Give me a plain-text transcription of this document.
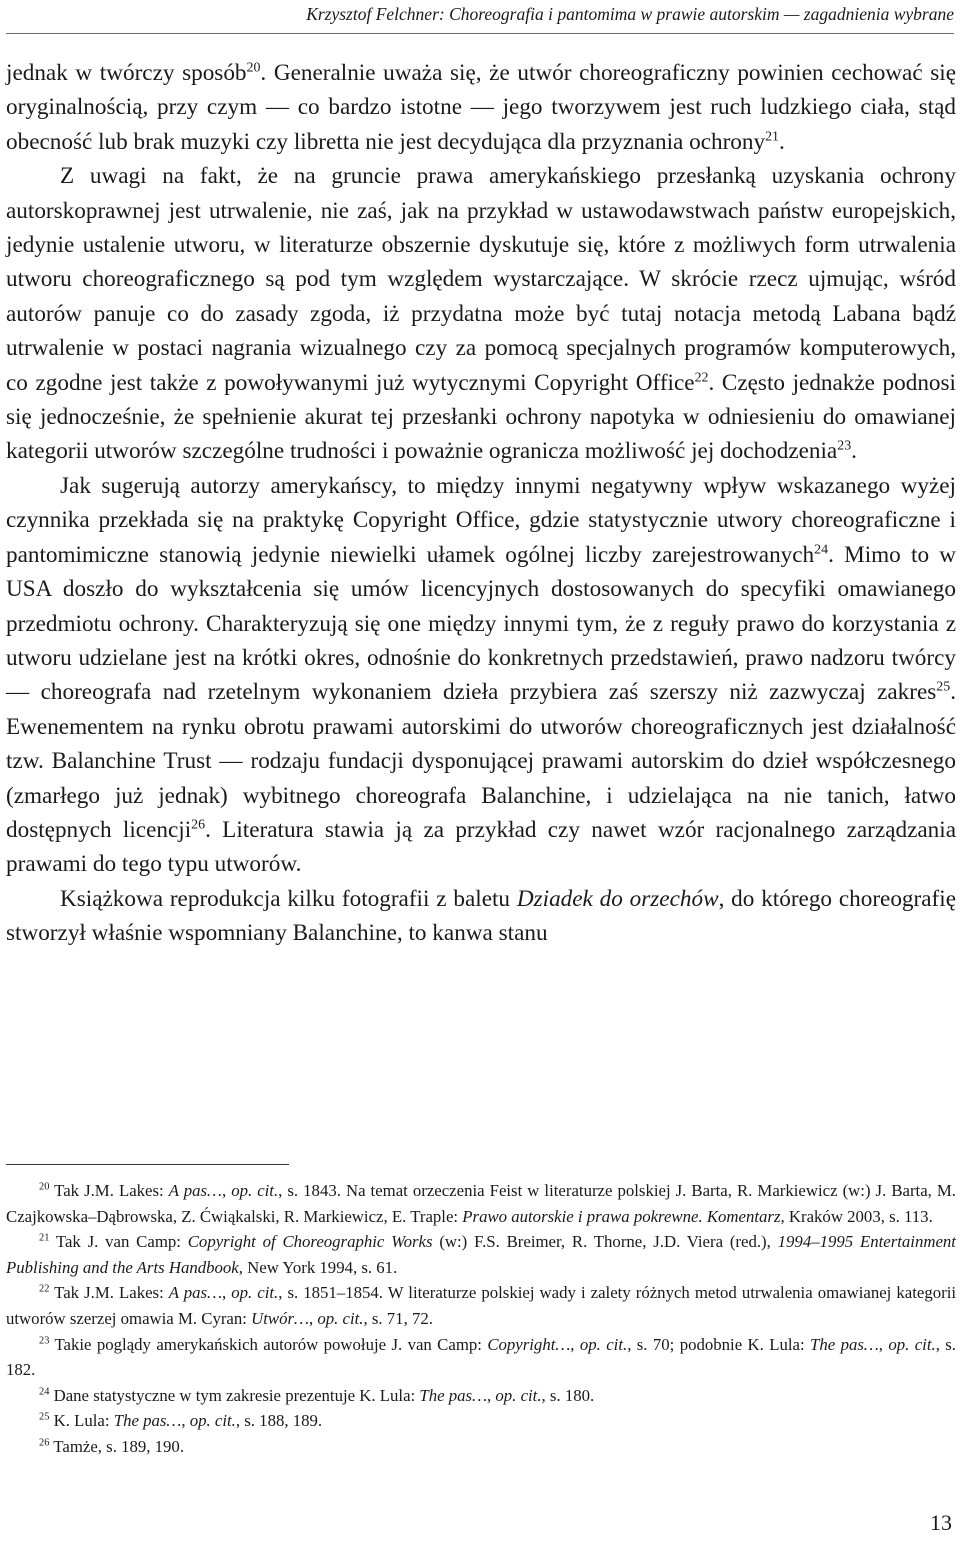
Krzysztof Felchner: Choreografia i pantomima w prawie autorskim — zagadnienia wybrane

jednak w twórczy sposób$^{20}$. Generalnie uważa się, że utwór choreograficzny powinien cechować się oryginalnością, przy czym — co bardzo istotne — jego tworzywem jest ruch ludzkiego ciała, stąd obecność lub brak muzyki czy libretta nie jest decydująca dla przyznania ochrony$^{21}$.

Z uwagi na fakt, że na gruncie prawa amerykańskiego przesłanką uzyskania ochrony autorskoprawnej jest utrwalenie, nie zaś, jak na przykład w ustawodawstwach państw europejskich, jedynie ustalenie utworu, w literaturze obszernie dyskutuje się, które z możliwych form utrwalenia utworu choreograficznego są pod tym względem wystarczające. W skrócie rzecz ujmując, wśród autorów panuje co do zasady zgoda, iż przydatna może być tutaj notacja metodą Labana bądź utrwalenie w postaci nagrania wizualnego czy za pomocą specjalnych programów komputerowych, co zgodne jest także z powoływanymi już wytycznymi Copyright Office$^{22}$. Często jednakże podnosi się jednocześnie, że spełnienie akurat tej przesłanki ochrony napotyka w odniesieniu do omawianej kategorii utworów szczególne trudności i poważnie ogranicza możliwość jej dochodzenia$^{23}$.

Jak sugerują autorzy amerykańscy, to między innymi negatywny wpływ wskazanego wyżej czynnika przekłada się na praktykę Copyright Office, gdzie statystycznie utwory choreograficzne i pantomimiczne stanowią jedynie niewielki ułamek ogólnej liczby zarejestrowanych$^{24}$. Mimo to w USA doszło do wykształcenia się umów licencyjnych dostosowanych do specyfiki omawianego przedmiotu ochrony. Charakteryzują się one między innymi tym, że z reguły prawo do korzystania z utworu udzielane jest na krótki okres, odnośnie do konkretnych przedstawień, prawo nadzoru twórcy — choreografa nad rzetelnym wykonaniem dzieła przybiera zaś szerszy niż zazwyczaj zakres$^{25}$. Ewenementem na rynku obrotu prawami autorskimi do utworów choreograficznych jest działalność tzw. Balanchine Trust — rodzaju fundacji dysponującej prawami autorskim do dzieł współczesnego (zmarłego już jednak) wybitnego choreografa Balanchine, i udzielająca na nie tanich, łatwo dostępnych licencji$^{26}$. Literatura stawia ją za przykład czy nawet wzór racjonalnego zarządzania prawami do tego typu utworów.

Książkowa reprodukcja kilku fotografii z baletu Dziadek do orzechów, do którego choreografię stworzył właśnie wspomniany Balanchine, to kanwa stanu

$^{20}$ Tak J.M. Lakes: A pas…, op. cit., s. 1843. Na temat orzeczenia Feist w literaturze polskiej J. Barta, R. Markiewicz (w:) J. Barta, M. Czajkowska–Dąbrowska, Z. Ćwiąkalski, R. Markiewicz, E. Traple: Prawo autorskie i prawa pokrewne. Komentarz, Kraków 2003, s. 113.

$^{21}$ Tak J. van Camp: Copyright of Choreographic Works (w:) F.S. Breimer, R. Thorne, J.D. Viera (red.), 1994–1995 Entertainment Publishing and the Arts Handbook, New York 1994, s. 61.

$^{22}$ Tak J.M. Lakes: A pas…, op. cit., s. 1851–1854. W literaturze polskiej wady i zalety różnych metod utrwalenia omawianej kategorii utworów szerzej omawia M. Cyran: Utwór…, op. cit., s. 71, 72.

$^{23}$ Takie poglądy amerykańskich autorów powołuje J. van Camp: Copyright…, op. cit., s. 70; podobnie K. Lula: The pas…, op. cit., s. 182.

$^{24}$ Dane statystyczne w tym zakresie prezentuje K. Lula: The pas…, op. cit., s. 180.

$^{25}$ K. Lula: The pas…, op. cit., s. 188, 189.

$^{26}$ Tamże, s. 189, 190.

13
